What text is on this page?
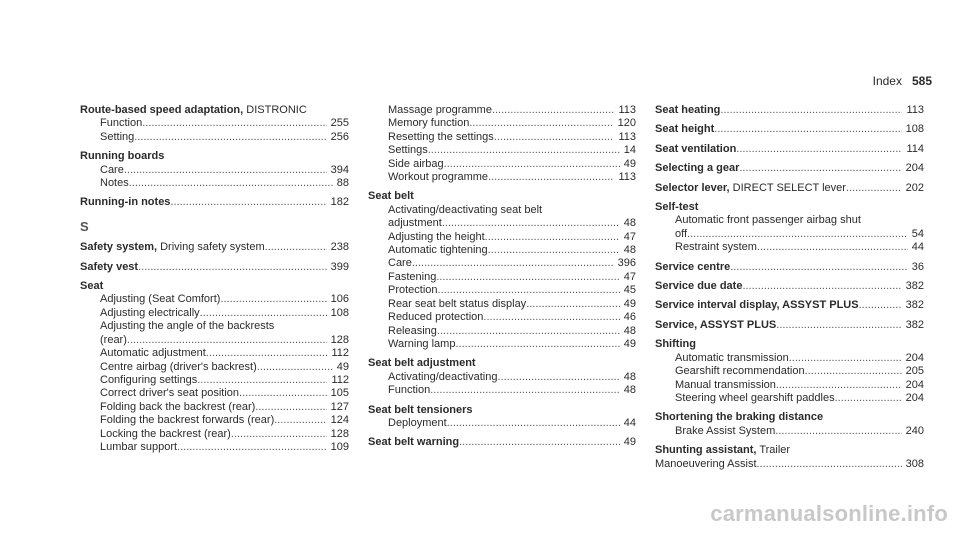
Index 585
Route-based speed adaptation, DISTRONIC
Function .....	255
Setting .....	256
Running boards
Care .....	394
Notes .....	88
Running-in notes .....	182
S
Safety system, Driving safety system .....	238
Safety vest .....	399
Seat
Adjusting (Seat Comfort) .....	106
Adjusting electrically .....	108
Adjusting the angle of the backrests
(rear) .....	128
Automatic adjustment .....	112
Centre airbag (driver's backrest) .....	49
Configuring settings .....	112
Correct driver's seat position .....	105
Folding back the backrest (rear) .....	127
Folding the backrest forwards (rear) .....	124
Locking the backrest (rear) .....	128
Lumbar support .....	109
Massage programme .....	113
Memory function .....	120
Resetting the settings .....	113
Settings .....	14
Side airbag .....	49
Workout programme .....	113
Seat belt
Activating/deactivating seat belt
adjustment .....	48
Adjusting the height .....	47
Automatic tightening .....	48
Care .....	396
Fastening .....	47
Protection .....	45
Rear seat belt status display .....	49
Reduced protection .....	46
Releasing .....	48
Warning lamp .....	49
Seat belt adjustment
Activating/deactivating .....	48
Function .....	48
Seat belt tensioners
Deployment .....	44
Seat belt warning .....	49
Seat heating .....	113
Seat height .....	108
Seat ventilation .....	114
Selecting a gear .....	204
Selector lever, DIRECT SELECT lever .....	202
Self-test
Automatic front passenger airbag shut
off .....	54
Restraint system .....	44
Service centre .....	36
Service due date .....	382
Service interval display, ASSYST PLUS .....	382
Service, ASSYST PLUS .....	382
Shifting
Automatic transmission .....	204
Gearshift recommendation .....	205
Manual transmission .....	204
Steering wheel gearshift paddles .....	204
Shortening the braking distance
Brake Assist System .....	240
Shunting assistant, Trailer
Manoeuvering Assist .....	308
carmanualsonline.info
